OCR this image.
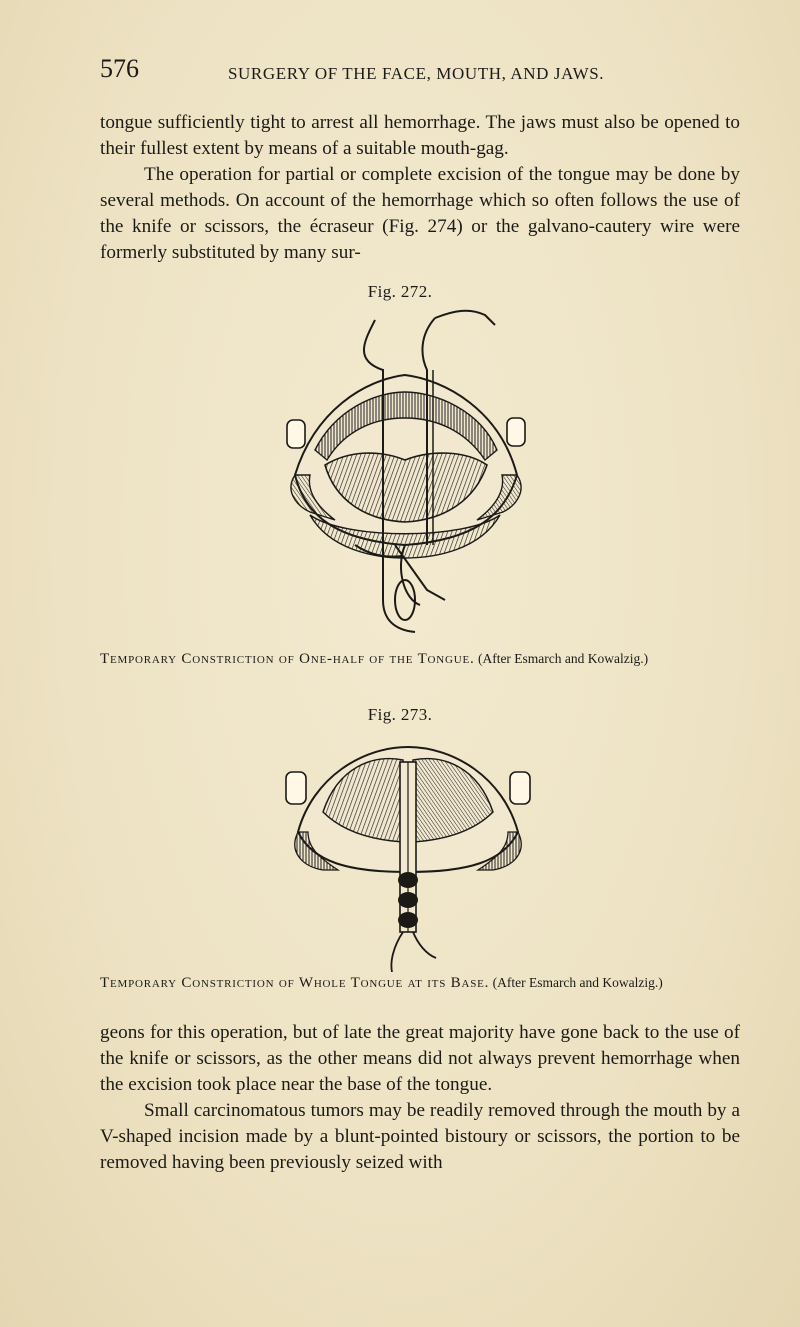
576	SURGERY OF THE FACE, MOUTH, AND JAWS.

tongue sufficiently tight to arrest all hemorrhage. The jaws must also be opened to their fullest extent by means of a suitable mouth-gag.

The operation for partial or complete excision of the tongue may be done by several methods. On account of the hemorrhage which so often follows the use of the knife or scissors, the écraseur (Fig. 274) or the galvano-cautery wire were formerly substituted by many sur-

Fig. 272.
Temporary Constriction of One-half of the Tongue. (After Esmarch and Kowalzig.)
Fig. 273.
Temporary Constriction of Whole Tongue at its Base. (After Esmarch and Kowalzig.)

geons for this operation, but of late the great majority have gone back to the use of the knife or scissors, as the other means did not always prevent hemorrhage when the excision took place near the base of the tongue.

Small carcinomatous tumors may be readily removed through the mouth by a V-shaped incision made by a blunt-pointed bistoury or scissors, the portion to be removed having been previously seized with
